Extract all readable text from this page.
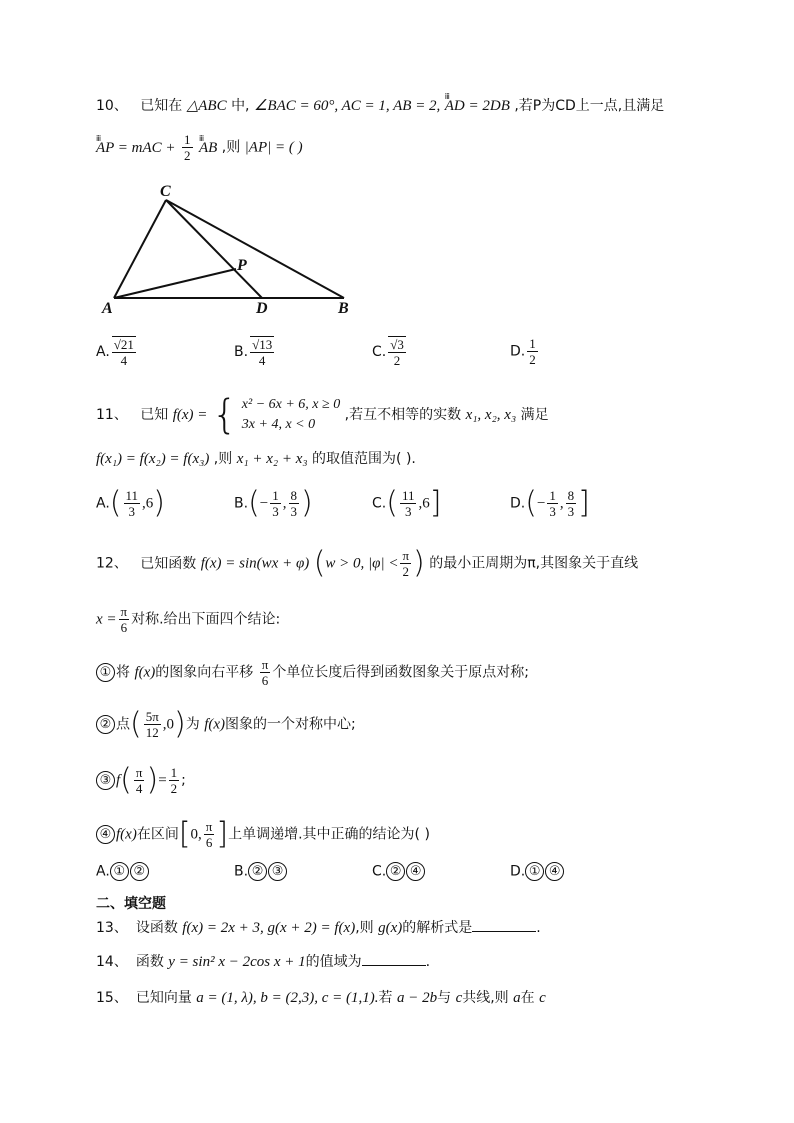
10、 已知在 △ABC 中, ∠BAC = 60°, AC = 1, AB = 2, ⅲ AD = 2DB ,若P为CD上一点,且满足
ⅲ AP = mAC + $\frac{1}{2}$ ⅲ AB ,则 |AP| = ( )
C
P
A	D	B
A. $\frac{√21}{4}$	B. $\frac{√13}{4}$	C. $\frac{√3}{2}$	D. $\frac{1}{2}$
11、 已知 f(x) = { x² − 6x + 6, x ≥ 0
3x + 4, x < 0
,若互不相等的实数 x₁, x₂, x₃ 满足
f(x₁) = f(x₂) = f(x₃) ,则 x₁ + x₂ + x₃ 的取值范围为( ).
$A.( \frac{11}{3} ,6)$	$B.(- \frac{1}{3}$ , $\frac{8}{3}$ )	$C.( \frac{11}{3} ,6]$	$D.(- \frac{1}{3}$ , $\frac{8}{3}$ ]
12、 已知函数 f(x) = sin(wx + φ) (w > 0, $|\varphi| < \frac{\pi}{2}$ ) 的最小正周期为π,其图象关于直线
$x = \frac{\pi}{6}$ 对称.给出下面四个结论:
① 将 f(x)的图象向右平移 $\frac{\pi}{6}$ 个单位长度后得到函数图象关于原点对称;
② 点( $\frac{5\pi}{12} ,0$)为 f(x)图象的一个对称中心;
③ $f( \frac{\pi}{4}$ )= $\frac{1}{2}$ ;
④ f(x)在区间[0, $\frac{\pi}{6}$ ]上单调递增.其中正确的结论为( )
A. ① ②	B. ② ③	C. ② ④	D. ① ④
二、填空题
13、 设函数 f(x) = 2x + 3, g(x + 2) = f(x),则 g(x)的解析式是	.
14、 函数 y = sin² x − 2cos x + 1的值域为	.
15、 已知向量 a = (1, λ), b = (2,3), c = (1,1).若 a − 2b与 c共线,则 a在 c
